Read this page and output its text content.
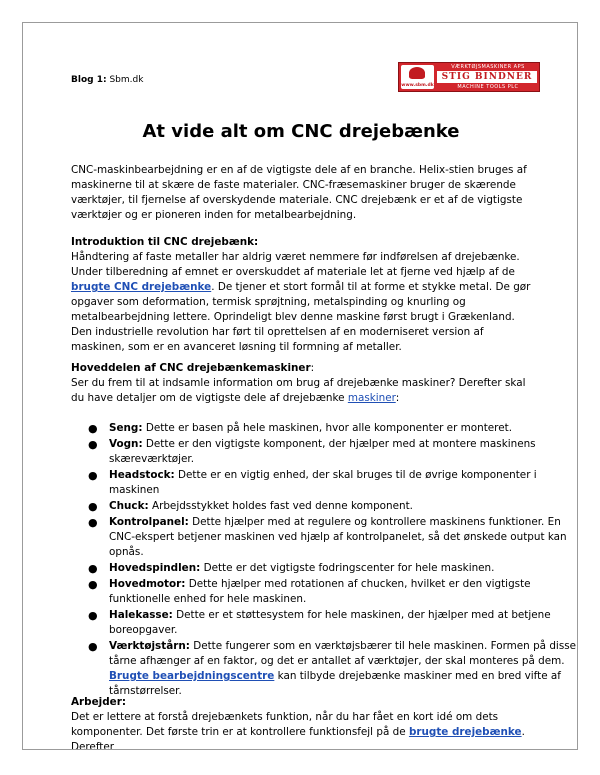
Blog 1: Sbm.dk
www.sbm.dk
VÆRKTØJSMASKINER APS
STIG BINDNER
MACHINE TOOLS PLC
At vide alt om CNC drejebænke

CNC-maskinbearbejdning er en af de vigtigste dele af en branche. Helix-stien bruges af maskinerne til at skære de faste materialer. CNC-fræsemaskiner bruger de skærende værktøjer, til fjernelse af overskydende materiale. CNC drejebænk er et af de vigtigste værktøjer og er pioneren inden for metalbearbejdning.

Introduktion til CNC drejebænk:
Håndtering af faste metaller har aldrig været nemmere før indførelsen af drejebænke. Under tilberedning af emnet er overskuddet af materiale let at fjerne ved hjælp af de brugte CNC drejebænke. De tjener et stort formål til at forme et stykke metal. De gør opgaver som deformation, termisk sprøjtning, metalspinding og knurling og metalbearbejdning lettere. Oprindeligt blev denne maskine først brugt i Grækenland. Den industrielle revolution har ført til oprettelsen af en moderniseret version af maskinen, som er en avanceret løsning til formning af metaller.
Hoveddelen af CNC drejebænkemaskiner:
Ser du frem til at indsamle information om brug af drejebænke maskiner? Derefter skal du have detaljer om de vigtigste dele af drejebænke maskiner:
● Seng: Dette er basen på hele maskinen, hvor alle komponenter er monteret.
● Vogn: Dette er den vigtigste komponent, der hjælper med at montere maskinens skæreværktøjer.
● Headstock: Dette er en vigtig enhed, der skal bruges til de øvrige komponenter i maskinen
● Chuck: Arbejdsstykket holdes fast ved denne komponent.
● Kontrolpanel: Dette hjælper med at regulere og kontrollere maskinens funktioner. En CNC-ekspert betjener maskinen ved hjælp af kontrolpanelet, så det ønskede output kan opnås.
● Hovedspindlen: Dette er det vigtigste fodringscenter for hele maskinen.
● Hovedmotor: Dette hjælper med rotationen af chucken, hvilket er den vigtigste funktionelle enhed for hele maskinen.
● Halekasse: Dette er et støttesystem for hele maskinen, der hjælper med at betjene boreopgaver.
● Værktøjstårn: Dette fungerer som en værktøjsbærer til hele maskinen. Formen på disse tårne afhænger af en faktor, og det er antallet af værktøjer, der skal monteres på dem. Brugte bearbejdningscentre kan tilbyde drejebænke maskiner med en bred vifte af tårnstørrelser.
Arbejder:
Det er lettere at forstå drejebænkets funktion, når du har fået en kort idé om dets komponenter. Det første trin er at kontrollere funktionsfejl på de brugte drejebænke. Derefter
